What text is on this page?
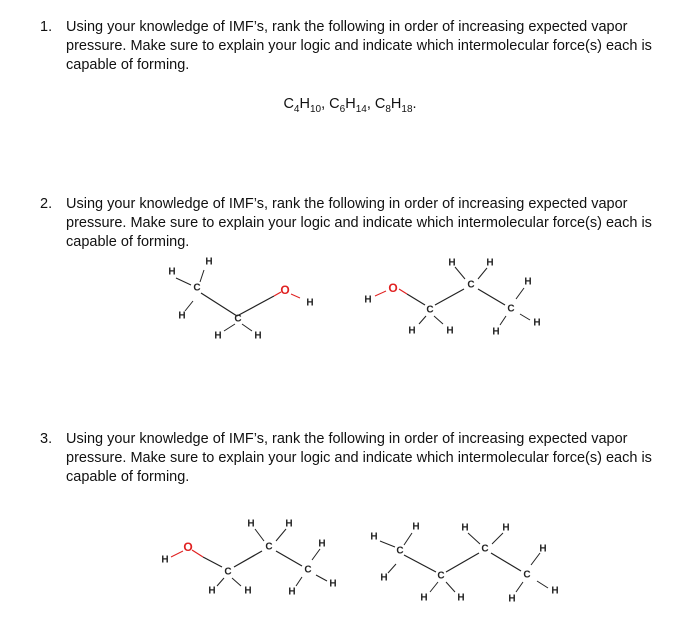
1. Using your knowledge of IMF’s, rank the following in order of increasing expected vapor pressure. Make sure to explain your logic and indicate which intermolecular force(s) each is capable of forming.
$C_4H_{10}$, $C_6H_{14}$, $C_8H_{18}$.
2. Using your knowledge of IMF’s, rank the following in order of increasing expected vapor pressure. Make sure to explain your logic and indicate which intermolecular force(s) each is capable of forming.
C
C
O
H
H
H
H	H
H
O
C
C
C
H
H	H
H	H
H
H
H
3. Using your knowledge of IMF’s, rank the following in order of increasing expected vapor pressure. Make sure to explain your logic and indicate which intermolecular force(s) each is capable of forming.
O
C
C
C
H
H	H
H	H
H
H
H
C
C
C
C
H
H
H
H	H
H	H
H
H
H
